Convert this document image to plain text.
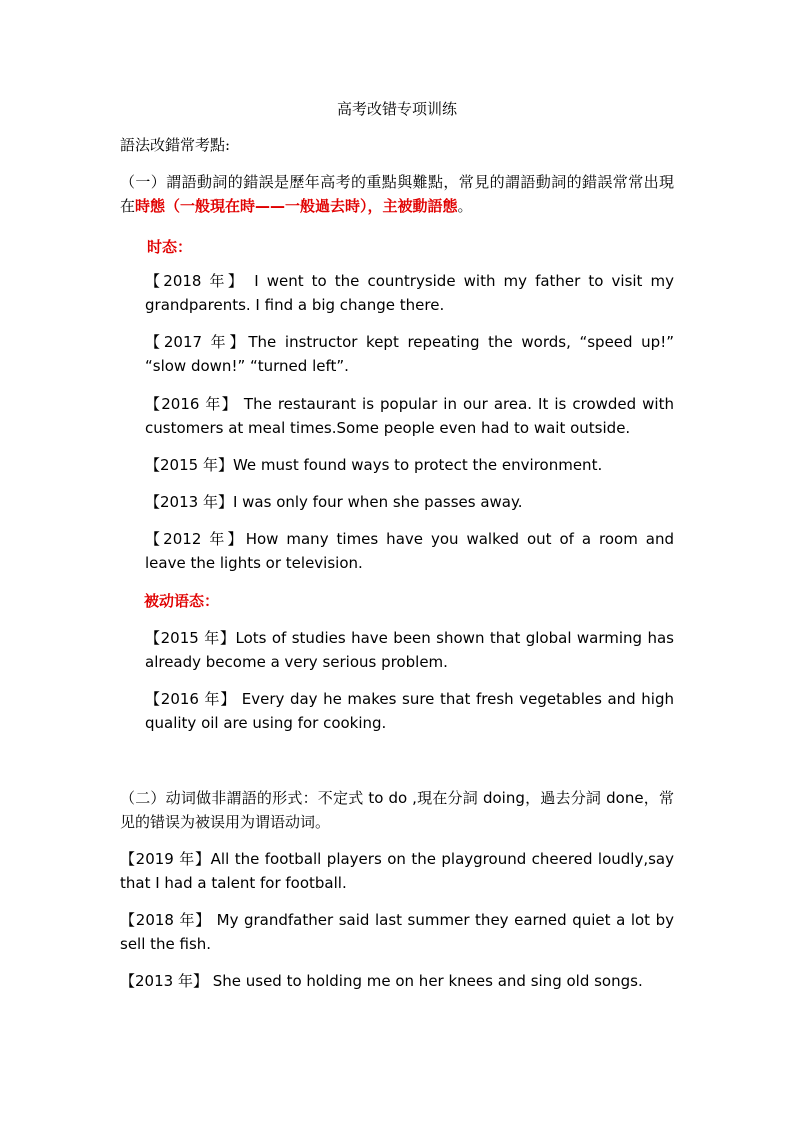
高考改错专项训练
語法改錯常考點:
（一）謂語動詞的錯誤是歷年高考的重點與難點，常見的謂語動詞的錯誤常常出現在時態（一般現在時——一般過去時），主被動語態。
时态：
【2018 年】 I went to the countryside with my father to visit my grandparents. I find a big change there.
【2017 年】The instructor kept repeating the words, “speed up!” “slow down!” “turned left”.
【2016 年】 The restaurant is popular in our area. It is crowded with customers at meal times.Some people even had to wait outside.
【2015 年】We must found ways to protect the environment.
【2013 年】I was only four when she passes away.
【2012 年】How many times have you walked out of a room and leave the lights or television.
被动语态：
【2015 年】Lots of studies have been shown that global warming has already become a very serious problem.
【2016 年】 Every day he makes sure that fresh vegetables and high quality oil are using for cooking.
（二）动词做非謂語的形式：不定式 to do ,現在分詞 doing，過去分詞 done，常见的错误为被误用为谓语动词。
【2019 年】All the football players on the playground cheered loudly,say that I had a talent for football.
【2018 年】 My grandfather said last summer they earned quiet a lot by sell the fish.
【2013 年】 She used to holding me on her knees and sing old songs.
